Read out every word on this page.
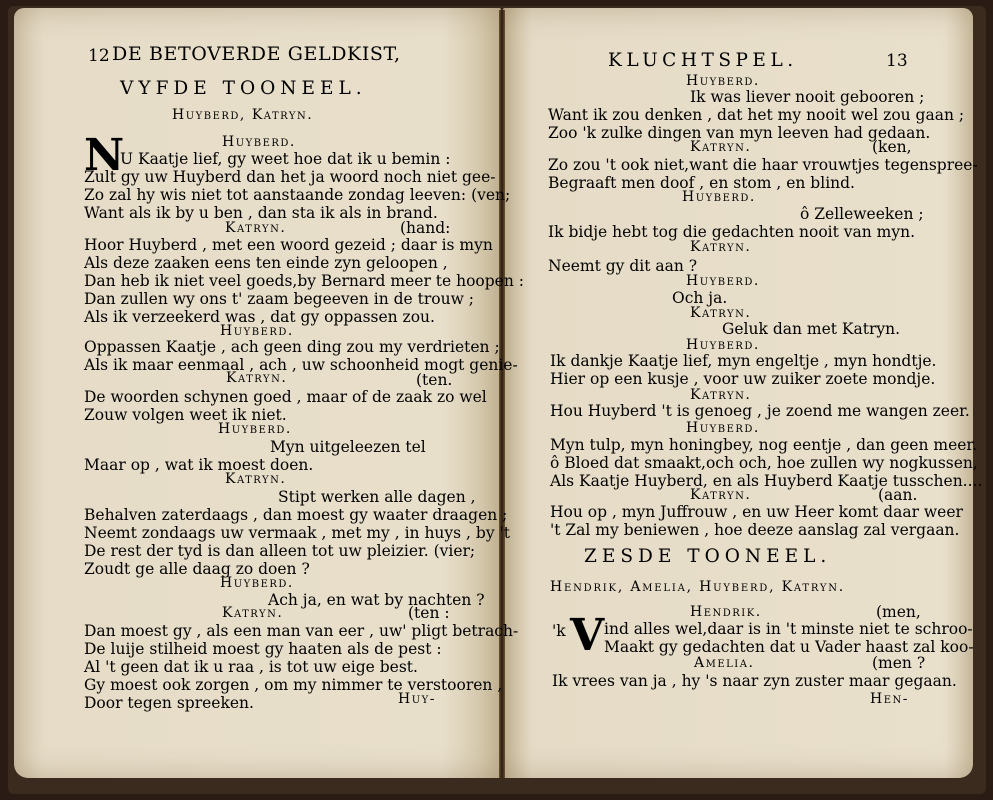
12 DE BETOVERDE GELDKIST,
VYFDE TOONEEL.
Huyberd, Katryn.
Huyberd.
N
U Kaatje lief, gy weet hoe dat ik u bemin :
Zult gy uw Huyberd dan het ja woord noch niet gee-
Zo zal hy wis niet tot aanstaande zondag leeven: (ven;
Want als ik by u ben , dan sta ik als in brand.
Katryn.	(hand:
Hoor Huyberd , met een woord gezeid ; daar is myn
Als deze zaaken eens ten einde zyn geloopen ,
Dan heb ik niet veel goeds,by Bernard meer te hoopen :
Dan zullen wy ons t' zaam begeeven in de trouw ;
Als ik verzeekerd was , dat gy oppassen zou.
Huyberd.
Oppassen Kaatje , ach geen ding zou my verdrieten ;
Als ik maar eenmaal , ach , uw schoonheid mogt genie-
Katryn.	(ten.
De woorden schynen goed , maar of de zaak zo wel
Zouw volgen weet ik niet.
Huyberd.
Myn uitgeleezen tel
Maar op , wat ik moest doen.
Katryn.
Stipt werken alle dagen ,
Behalven zaterdaags , dan moest gy waater draagen ;
Neemt zondaags uw vermaak , met my , in huys , by 't
De rest der tyd is dan alleen tot uw pleizier. (vier;
Zoudt ge alle daag zo doen ?
Huyberd.
Ach ja, en wat by nachten ?
Katryn.	(ten :
Dan moest gy , als een man van eer , uw' pligt betrach-
De luije stilheid moest gy haaten als de pest :
Al 't geen dat ik u raa , is tot uw eige best.
Gy moest ook zorgen , om my nimmer te verstooren ,
Door tegen spreeken.	Huy-
KLUCHTSPEL.	13
Huyberd.
Ik was liever nooit gebooren ;
Want ik zou denken , dat het my nooit wel zou gaan ;
Zoo 'k zulke dingen van myn leeven had gedaan.
Katryn.	(ken,
Zo zou 't ook niet,want die haar vrouwtjes tegenspree-
Begraaft men doof , en stom , en blind.
Huyberd.
ô Zelleweeken ;
Ik bidje hebt tog die gedachten nooit van myn.
Katryn.
Neemt gy dit aan ?
Huyberd.
Och ja.
Katryn.
Geluk dan met Katryn.
Huyberd.
Ik dankje Kaatje lief, myn engeltje , myn hondtje.
Hier op een kusje , voor uw zuiker zoete mondje.
Katryn.
Hou Huyberd 't is genoeg , je zoend me wangen zeer.
Huyberd.
Myn tulp, myn honingbey, nog eentje , dan geen meer.
ô Bloed dat smaakt,och och, hoe zullen wy nogkussen,
Als Kaatje Huyberd, en als Huyberd Kaatje tusschen....
Katryn.	(aan.
Hou op , myn Juffrouw , en uw Heer komt daar weer
't Zal my beniewen , hoe deeze aanslag zal vergaan.
ZESDE TOONEEL.
Hendrik, Amelia, Huyberd, Katryn.
Hendrik.	(men,
'k V ind alles wel,daar is in 't minste niet te schroo-
Maakt gy gedachten dat u Vader haast zal koo-
Amelia.	(men ?
Ik vrees van ja , hy 's naar zyn zuster maar gegaan.
Hen-
